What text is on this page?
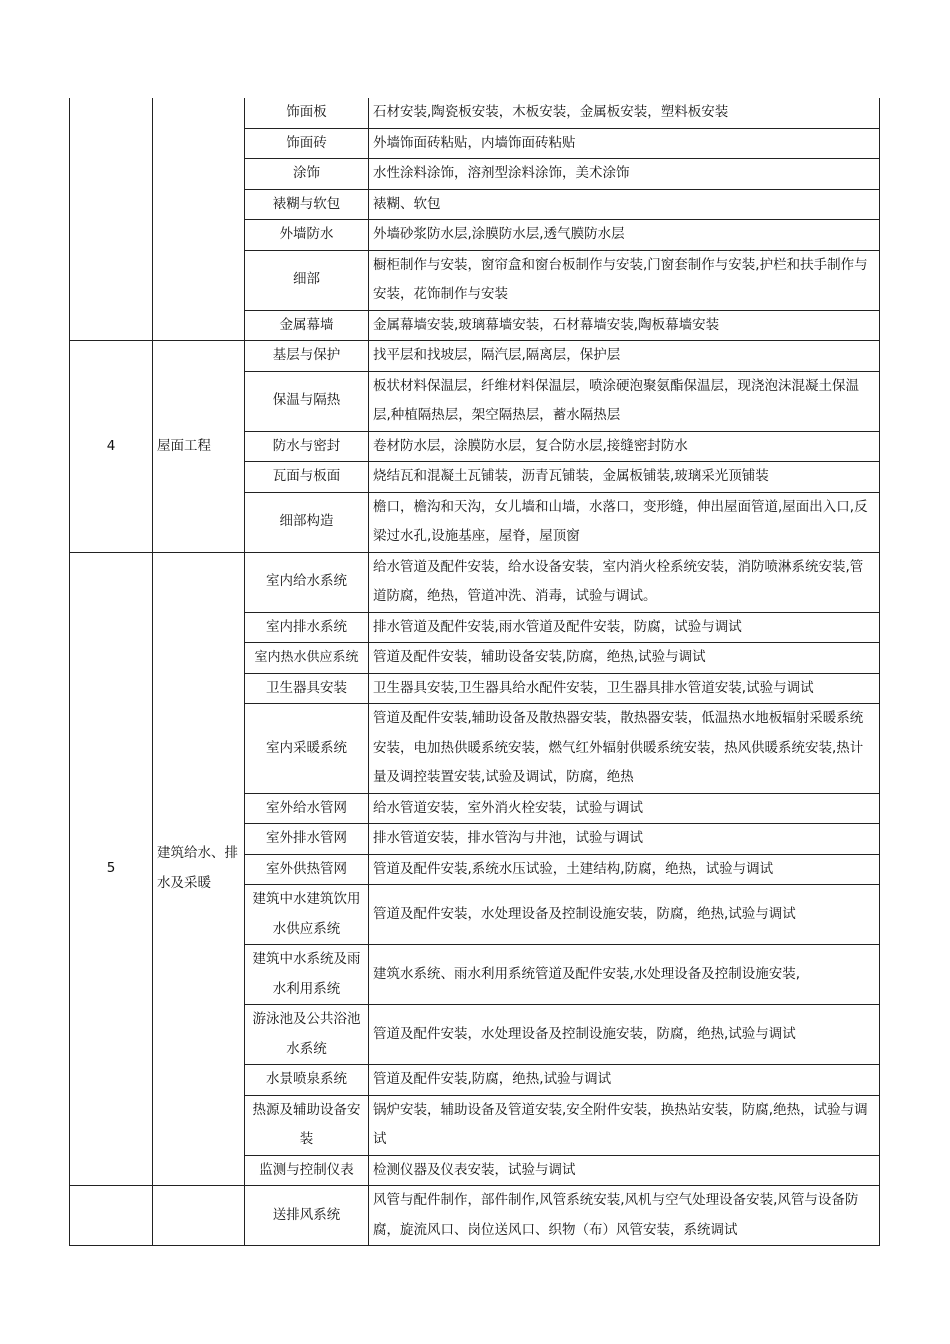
		饰面板	石材安装,陶瓷板安装，木板安装，金属板安装，塑料板安装
		饰面砖	外墙饰面砖粘贴，内墙饰面砖粘贴
		涂饰	水性涂料涂饰，溶剂型涂料涂饰，美术涂饰
		裱糊与软包	裱糊、软包
		外墙防水	外墙砂浆防水层,涂膜防水层,透气膜防水层
		细部	橱柜制作与安装，窗帘盒和窗台板制作与安装,门窗套制作与安装,护栏和扶手制作与安装，花饰制作与安装
		金属幕墙	金属幕墙安装,玻璃幕墙安装，石材幕墙安装,陶板幕墙安装
4	屋面工程	基层与保护	找平层和找坡层，隔汽层,隔离层，保护层
		保温与隔热	板状材料保温层，纤维材料保温层，喷涂硬泡聚氨酯保温层，现浇泡沫混凝土保温层,种植隔热层，架空隔热层，蓄水隔热层
		防水与密封	卷材防水层，涂膜防水层，复合防水层,接缝密封防水
		瓦面与板面	烧结瓦和混凝土瓦铺装，沥青瓦铺装，金属板铺装,玻璃采光顶铺装
		细部构造	檐口，檐沟和天沟，女儿墙和山墙，水落口，变形缝，伸出屋面管道,屋面出入口,反梁过水孔,设施基座，屋脊，屋顶窗
5	建筑给水、排水及采暖	室内给水系统	给水管道及配件安装，给水设备安装，室内消火栓系统安装，消防喷淋系统安装,管道防腐，绝热，管道冲洗、消毒，试验与调试。
		室内排水系统	排水管道及配件安装,雨水管道及配件安装，防腐，试验与调试
		室内热水供应系统	管道及配件安装，辅助设备安装,防腐，绝热,试验与调试
		卫生器具安装	卫生器具安装,卫生器具给水配件安装，卫生器具排水管道安装,试验与调试
		室内采暖系统	管道及配件安装,辅助设备及散热器安装，散热器安装，低温热水地板辐射采暖系统安装，电加热供暖系统安装，燃气红外辐射供暖系统安装，热风供暖系统安装,热计量及调控装置安装,试验及调试，防腐，绝热
		室外给水管网	给水管道安装，室外消火栓安装，试验与调试
		室外排水管网	排水管道安装，排水管沟与井池，试验与调试
		室外供热管网	管道及配件安装,系统水压试验，土建结构,防腐，绝热，试验与调试
		建筑中水建筑饮用水供应系统	管道及配件安装，水处理设备及控制设施安装，防腐，绝热,试验与调试
		建筑中水系统及雨水利用系统	建筑水系统、雨水利用系统管道及配件安装,水处理设备及控制设施安装,
		游泳池及公共浴池水系统	管道及配件安装，水处理设备及控制设施安装，防腐，绝热,试验与调试
		水景喷泉系统	管道及配件安装,防腐，绝热,试验与调试
		热源及辅助设备安装	锅炉安装，辅助设备及管道安装,安全附件安装，换热站安装，防腐,绝热，试验与调试
		监测与控制仪表	检测仪器及仪表安装，试验与调试
		送排风系统	风管与配件制作，部件制作,风管系统安装,风机与空气处理设备安装,风管与设备防腐，旋流风口、岗位送风口、织物（布）风管安装，系统调试
